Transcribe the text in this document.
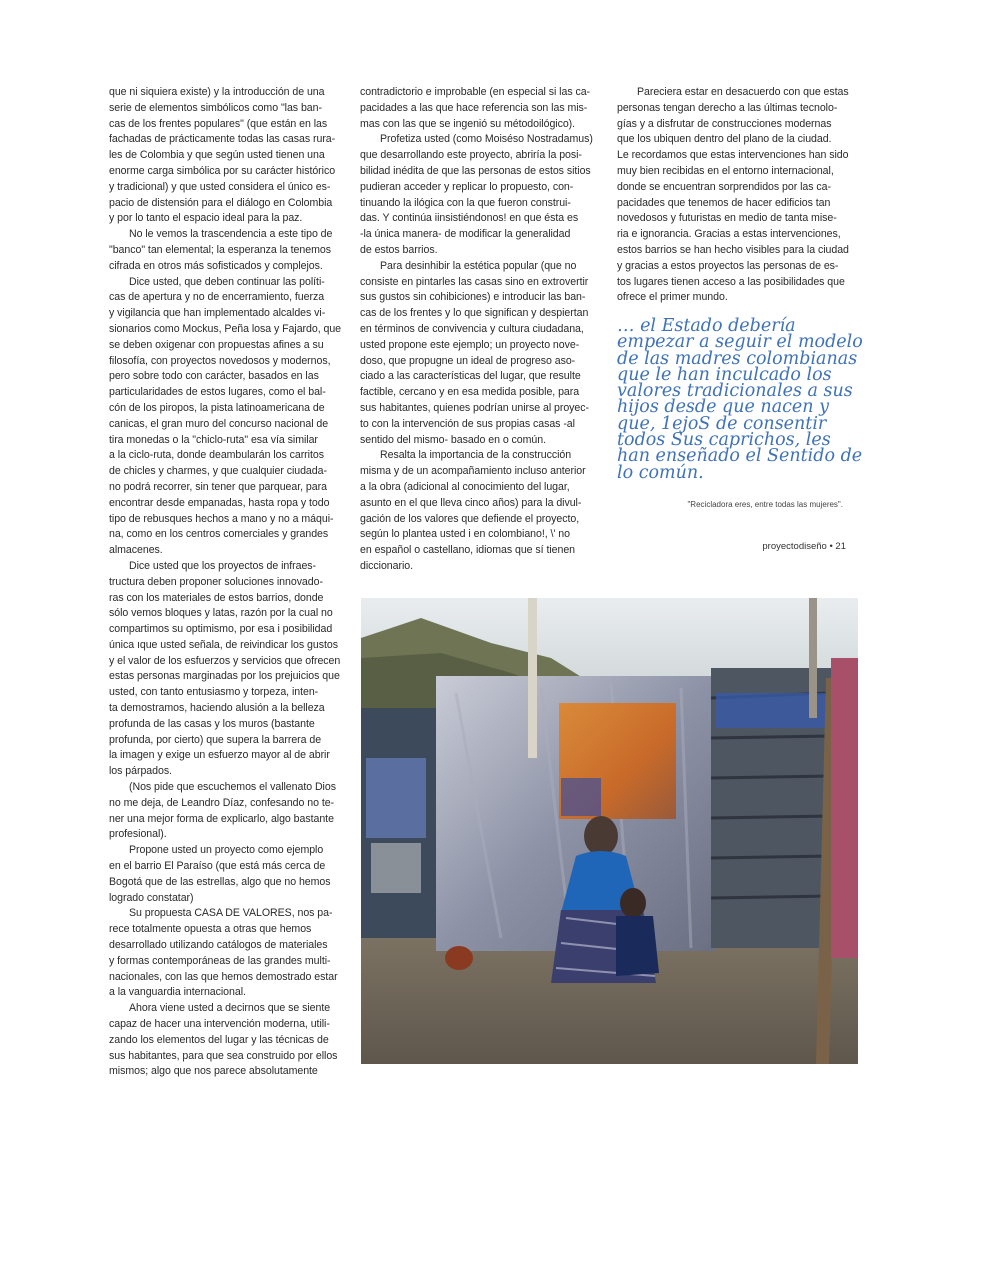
que ni siquiera existe) y la introducción de una
serie de elementos simbólicos como "las ban-
cas de los frentes populares" (que están en las
fachadas de prácticamente todas las casas rura-
les de Colombia y que según usted tienen una
enorme carga simbólica por su carácter histórico
y tradicional) y que usted considera el único es-
pacio de distensión para el diálogo en Colombia
y por lo tanto el espacio ideal para la paz.

No le vemos la trascendencia a este tipo de
"banco" tan elemental; la esperanza la tenemos
cifrada en otros más sofisticados y complejos.

Dice usted, que deben continuar las políti-
cas de apertura y no de encerramiento, fuerza
y vigilancia que han implementado alcaldes vi-
sionarios como Mockus, Peña losa y Fajardo, que
se deben oxigenar con propuestas afines a su
filosofía, con proyectos novedosos y modernos,
pero sobre todo con carácter, basados en las
particularidades de estos lugares, como el bal-
cón de los piropos, la pista latinoamericana de
canicas, el gran muro del concurso nacional de
tira monedas o la "chiclo-ruta" esa vía similar
a la ciclo-ruta, donde deambularán los carritos
de chicles y charmes, y que cualquier ciudada-
no podrá recorrer, sin tener que parquear, para
encontrar desde empanadas, hasta ropa y todo
tipo de rebusques hechos a mano y no a máqui-
na, como en los centros comerciales y grandes
almacenes.

Dice usted que los proyectos de infraes-
tructura deben proponer soluciones innovado-
ras con los materiales de estos barrios, donde
sólo vemos bloques y latas, razón por la cual no
compartimos su optimismo, por esa i posibilidad
única ıque usted señala, de reivindicar los gustos
y el valor de los esfuerzos y servicios que ofrecen
estas personas marginadas por los prejuicios que
usted, con tanto entusiasmo y torpeza, inten-
ta demostramos, haciendo alusión a la belleza
profunda de las casas y los muros (bastante
profunda, por cierto) que supera la barrera de
la imagen y exige un esfuerzo mayor al de abrir
los párpados.

(Nos pide que escuchemos el vallenato Dios
no me deja, de Leandro Díaz, confesando no te-
ner una mejor forma de explicarlo, algo bastante
profesional).

Propone usted un proyecto como ejemplo
en el barrio El Paraíso (que está más cerca de
Bogotá que de las estrellas, algo que no hemos
logrado constatar)

Su propuesta CASA DE VALORES, nos pa-
rece totalmente opuesta a otras que hemos
desarrollado utilizando catálogos de materiales
y formas contemporáneas de las grandes multi-
nacionales, con las que hemos demostrado estar
a la vanguardia internacional.

Ahora viene usted a decirnos que se siente
capaz de hacer una intervención moderna, utili-
zando los elementos del lugar y las técnicas de
sus habitantes, para que sea construido por ellos
mismos; algo que nos parece absolutamente

contradictorio e improbable (en especial si las ca-
pacidades a las que hace referencia son las mis-
mas con las que se ingenió su métodoilógico).

Profetiza usted (como Moiséso Nostradamus)
que desarrollando este proyecto, abriría la posi-
bilidad inédita de que las personas de estos sitios
pudieran acceder y replicar lo propuesto, con-
tinuando la ilógica con la que fueron construi-
das. Y continúa iinsistiéndonos! en que ésta es
-la única manera- de modificar la generalidad
de estos barrios.

Para desinhibir la estética popular (que no
consiste en pintarles las casas sino en extrovertir
sus gustos sin cohibiciones) e introducir las ban-
cas de los frentes y lo que significan y despiertan
en términos de convivencia y cultura ciudadana,
usted propone este ejemplo; un proyecto nove-
doso, que propugne un ideal de progreso aso-
ciado a las características del lugar, que resulte
factible, cercano y en esa medida posible, para
sus habitantes, quienes podrían unirse al proyec-
to con la intervención de sus propias casas -al
sentido del mismo- basado en o común.

Resalta la importancia de la construcción
misma y de un acompañamiento incluso anterior
a la obra (adicional al conocimiento del lugar,
asunto en el que lleva cinco años) para la divul-
gación de los valores que defiende el proyecto,
según lo plantea usted i en colombiano!, \' no
en español o castellano, idiomas que sí tienen
diccionario.

Pareciera estar en desacuerdo con que estas
personas tengan derecho a las últimas tecnolo-
gías y a disfrutar de construcciones modernas
que los ubiquen dentro del plano de la ciudad.

Le recordamos que estas intervenciones han sido
muy bien recibidas en el entorno internacional,
donde se encuentran sorprendidos por las ca-
pacidades que tenemos de hacer edificios tan
novedosos y futuristas en medio de tanta mise-
ria e ignorancia. Gracias a estas intervenciones,
estos barrios se han hecho visibles para la ciudad
y gracias a estos proyectos las personas de es-
tos lugares tienen acceso a las posibilidades que
ofrece el primer mundo.

… el Estado debería empezar a seguir el modelo de las madres colombianas que le han inculcado los valores tradicionales a sus hijos desde que nacen y que, 1ejoS de consentir todos Sus caprichos, les han enseñado el Sentido de lo común.

"Recicladora eres, entre todas las mujeres".

proyectodiseño • 21
